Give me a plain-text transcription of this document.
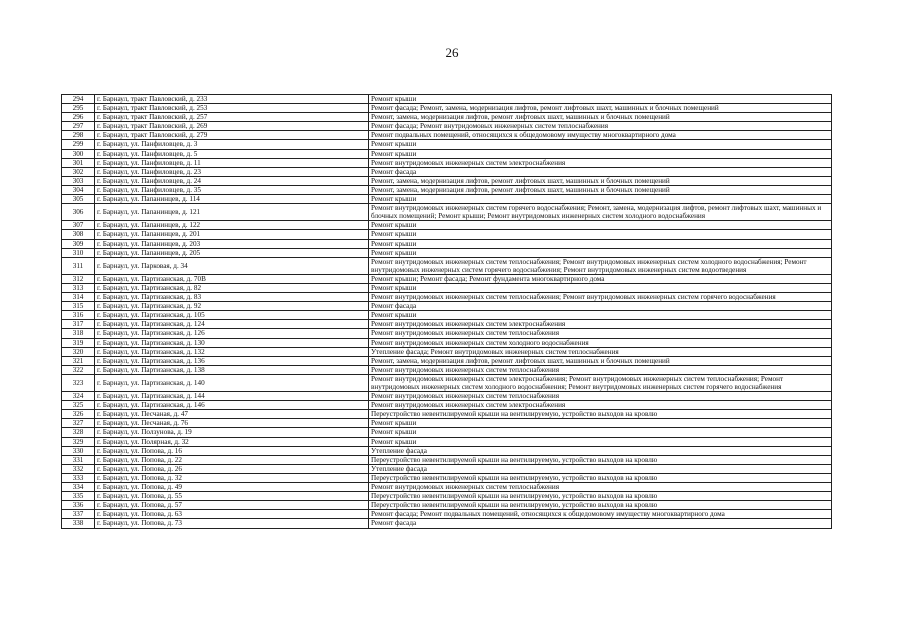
26
294	г. Барнаул, тракт Павловский, д. 233	Ремонт крыши
295	г. Барнаул, тракт Павловский, д. 253	Ремонт фасада; Ремонт, замена, модернизация лифтов, ремонт лифтовых шахт, машинных и блочных помещений
296	г. Барнаул, тракт Павловский, д. 257	Ремонт, замена, модернизация лифтов, ремонт лифтовых шахт, машинных и блочных помещений
297	г. Барнаул, тракт Павловский, д. 269	Ремонт фасада; Ремонт внутридомовых инженерных систем теплоснабжения
298	г. Барнаул, тракт Павловский, д. 279	Ремонт подвальных помещений, относящихся к общедомовому имуществу многоквартирного дома
299	г. Барнаул, ул. Панфиловцев, д. 3	Ремонт крыши
300	г. Барнаул, ул. Панфиловцев, д. 5	Ремонт крыши
301	г. Барнаул, ул. Панфиловцев, д. 11	Ремонт внутридомовых инженерных систем электроснабжения
302	г. Барнаул, ул. Панфиловцев, д. 23	Ремонт фасада
303	г. Барнаул, ул. Панфиловцев, д. 24	Ремонт, замена, модернизация лифтов, ремонт лифтовых шахт, машинных и блочных помещений
304	г. Барнаул, ул. Панфиловцев, д. 35	Ремонт, замена, модернизация лифтов, ремонт лифтовых шахт, машинных и блочных помещений
305	г. Барнаул, ул. Папанинцев, д. 114	Ремонт крыши
306	г. Барнаул, ул. Папанинцев, д. 121	Ремонт внутридомовых инженерных систем горячего водоснабжения; Ремонт, замена, модернизация лифтов, ремонт лифтовых шахт, машинных и блочных помещений; Ремонт крыши; Ремонт внутридомовых инженерных систем холодного водоснабжения
307	г. Барнаул, ул. Папанинцев, д. 122	Ремонт крыши
308	г. Барнаул, ул. Папанинцев, д. 201	Ремонт крыши
309	г. Барнаул, ул. Папанинцев, д. 203	Ремонт крыши
310	г. Барнаул, ул. Папанинцев, д. 205	Ремонт крыши
311	г. Барнаул, ул. Парковая, д. 34	Ремонт внутридомовых инженерных систем теплоснабжения; Ремонт внутридомовых инженерных систем холодного водоснабжения; Ремонт внутридомовых инженерных систем горячего водоснабжения; Ремонт внутридомовых инженерных систем водоотведения
312	г. Барнаул, ул. Партизанская, д. 70В	Ремонт крыши; Ремонт фасада; Ремонт фундамента многоквартирного дома
313	г. Барнаул, ул. Партизанская, д. 82	Ремонт крыши
314	г. Барнаул, ул. Партизанская, д. 83	Ремонт внутридомовых инженерных систем теплоснабжения; Ремонт внутридомовых инженерных систем горячего водоснабжения
315	г. Барнаул, ул. Партизанская, д. 92	Ремонт фасада
316	г. Барнаул, ул. Партизанская, д. 105	Ремонт крыши
317	г. Барнаул, ул. Партизанская, д. 124	Ремонт внутридомовых инженерных систем электроснабжения
318	г. Барнаул, ул. Партизанская, д. 126	Ремонт внутридомовых инженерных систем теплоснабжения
319	г. Барнаул, ул. Партизанская, д. 130	Ремонт внутридомовых инженерных систем холодного водоснабжения
320	г. Барнаул, ул. Партизанская, д. 132	Утепление фасада; Ремонт внутридомовых инженерных систем теплоснабжения
321	г. Барнаул, ул. Партизанская, д. 136	Ремонт, замена, модернизация лифтов, ремонт лифтовых шахт, машинных и блочных помещений
322	г. Барнаул, ул. Партизанская, д. 138	Ремонт внутридомовых инженерных систем теплоснабжения
323	г. Барнаул, ул. Партизанская, д. 140	Ремонт внутридомовых инженерных систем электроснабжения; Ремонт внутридомовых инженерных систем теплоснабжения; Ремонт внутридомовых инженерных систем холодного водоснабжения; Ремонт внутридомовых инженерных систем горячего водоснабжения
324	г. Барнаул, ул. Партизанская, д. 144	Ремонт внутридомовых инженерных систем теплоснабжения
325	г. Барнаул, ул. Партизанская, д. 146	Ремонт внутридомовых инженерных систем электроснабжения
326	г. Барнаул, ул. Песчаная, д. 47	Переустройство невентилируемой крыши на вентилируемую, устройство выходов на кровлю
327	г. Барнаул, ул. Песчаная, д. 76	Ремонт крыши
328	г. Барнаул, ул. Ползунова, д. 19	Ремонт крыши
329	г. Барнаул, ул. Полярная, д. 32	Ремонт крыши
330	г. Барнаул, ул. Попова, д. 16	Утепление фасада
331	г. Барнаул, ул. Попова, д. 22	Переустройство невентилируемой крыши на вентилируемую, устройство выходов на кровлю
332	г. Барнаул, ул. Попова, д. 26	Утепление фасада
333	г. Барнаул, ул. Попова, д. 32	Переустройство невентилируемой крыши на вентилируемую, устройство выходов на кровлю
334	г. Барнаул, ул. Попова, д. 49	Ремонт внутридомовых инженерных систем теплоснабжения
335	г. Барнаул, ул. Попова, д. 55	Переустройство невентилируемой крыши на вентилируемую, устройство выходов на кровлю
336	г. Барнаул, ул. Попова, д. 57	Переустройство невентилируемой крыши на вентилируемую, устройство выходов на кровлю
337	г. Барнаул, ул. Попова, д. 63	Ремонт фасада; Ремонт подвальных помещений, относящихся к общедомовому имуществу многоквартирного дома
338	г. Барнаул, ул. Попова, д. 73	Ремонт фасада
